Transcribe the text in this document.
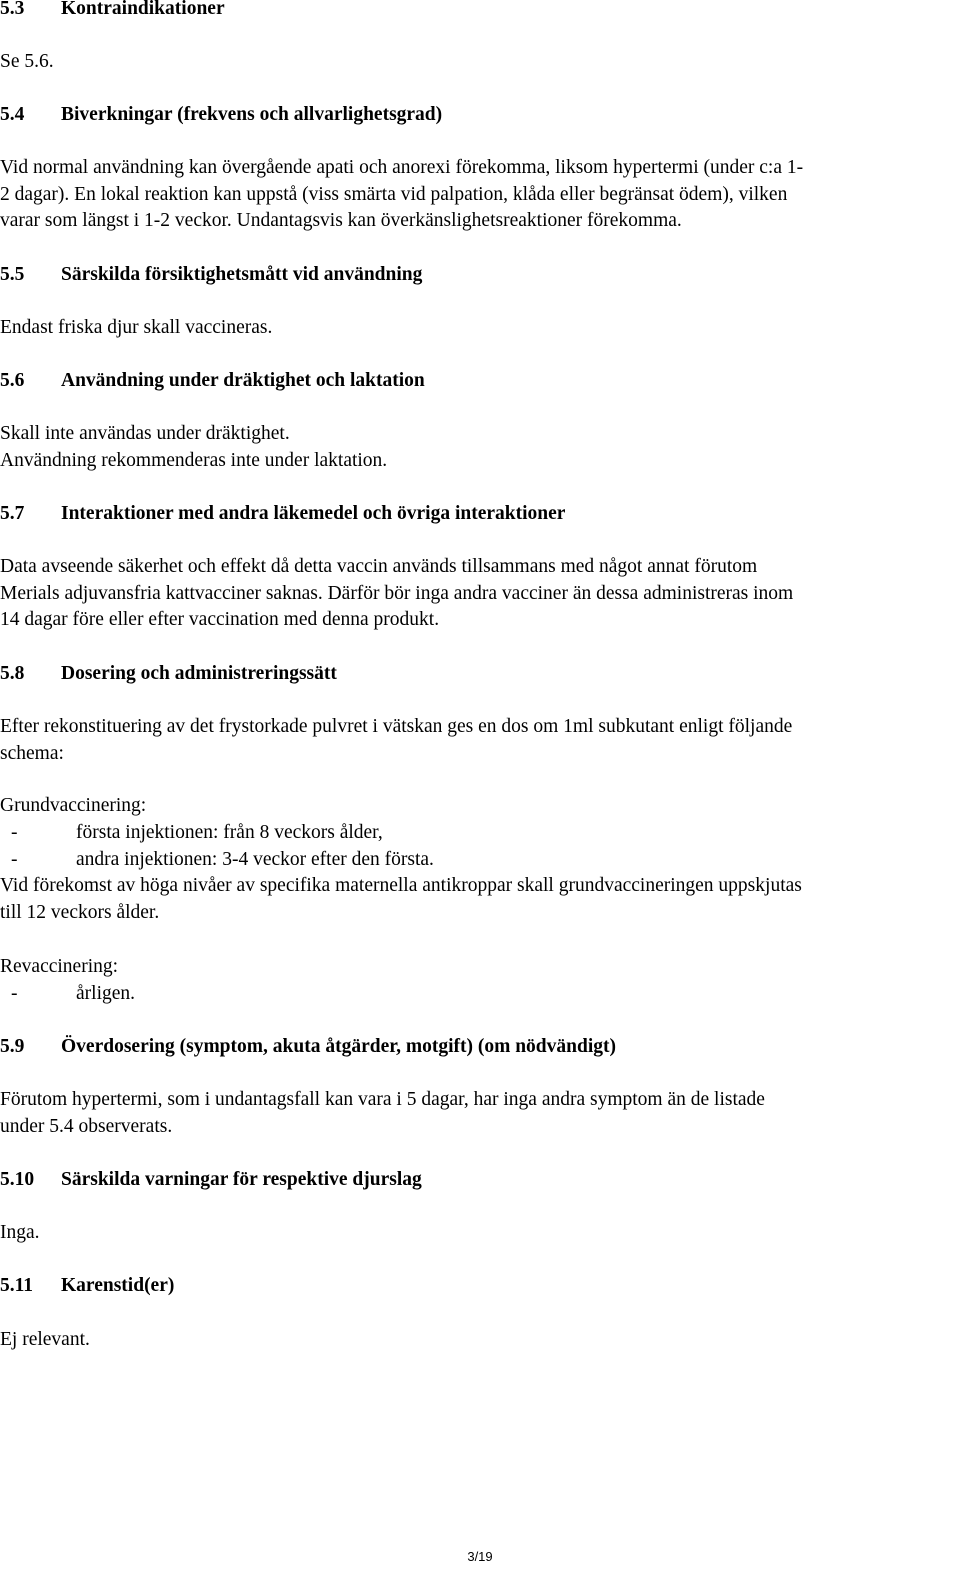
5.3 Kontraindikationer
Se 5.6.
5.4 Biverkningar (frekvens och allvarlighetsgrad)
Vid normal användning kan övergående apati och anorexi förekomma, liksom hypertermi (under c:a 1-
2 dagar). En lokal reaktion kan uppstå (viss smärta vid palpation, klåda eller begränsat ödem), vilken
varar som längst i 1-2 veckor. Undantagsvis kan överkänslighetsreaktioner förekomma.
5.5 Särskilda försiktighetsmått vid användning
Endast friska djur skall vaccineras.
5.6 Användning under dräktighet och laktation
Skall inte användas under dräktighet.
Användning rekommenderas inte under laktation.
5.7 Interaktioner med andra läkemedel och övriga interaktioner
Data avseende säkerhet och effekt då detta vaccin används tillsammans med något annat förutom
Merials adjuvansfria kattvacciner saknas. Därför bör inga andra vacciner än dessa administreras inom
14 dagar före eller efter vaccination med denna produkt.
5.8 Dosering och administreringssätt
Efter rekonstituering av det frystorkade pulvret i vätskan ges en dos om 1ml subkutant enligt följande
schema:
Grundvaccinering:
-	första injektionen: från 8 veckors ålder,
-	andra injektionen: 3-4 veckor efter den första.
Vid förekomst av höga nivåer av specifika maternella antikroppar skall grundvaccineringen uppskjutas
till 12 veckors ålder.
Revaccinering:
-	årligen.
5.9 Överdosering (symptom, akuta åtgärder, motgift) (om nödvändigt)
Förutom hypertermi, som i undantagsfall kan vara i 5 dagar, har inga andra symptom än de listade
under 5.4 observerats.
5.10 Särskilda varningar för respektive djurslag
Inga.
5.11 Karenstid(er)
Ej relevant.
3/19
